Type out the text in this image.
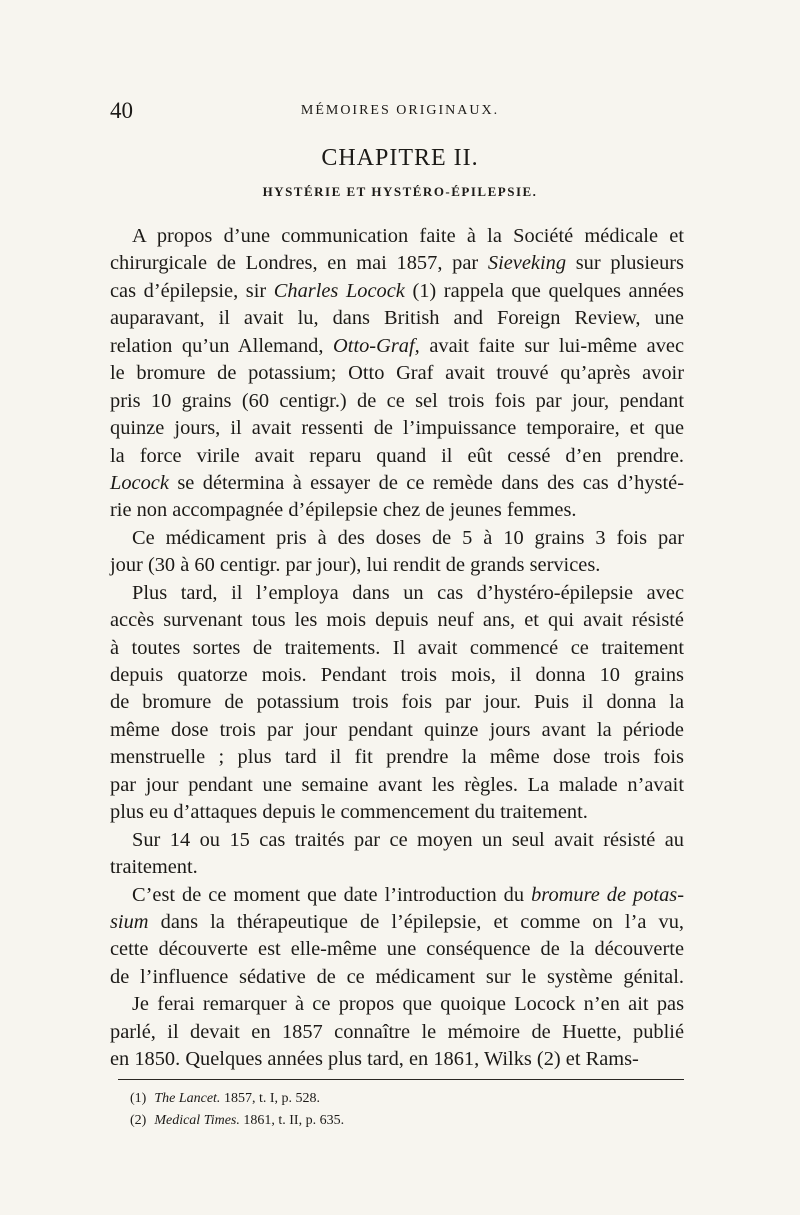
40	MÉMOIRES ORIGINAUX.
CHAPITRE II.
HYSTÉRIE ET HYSTÉRO-ÉPILEPSIE.
A propos d’une communication faite à la Société médicale et
chirurgicale de Londres, en mai 1857, par Sieveking sur plusieurs
cas d’épilepsie, sir Charles Locock (1) rappela que quelques années
auparavant, il avait lu, dans British and Foreign Review, une
relation qu’un Allemand, Otto-Graf, avait faite sur lui-même avec
le bromure de potassium; Otto Graf avait trouvé qu’après avoir
pris 10 grains (60 centigr.) de ce sel trois fois par jour, pendant
quinze jours, il avait ressenti de l’impuissance temporaire, et que
la force virile avait reparu quand il eût cessé d’en prendre.
Locock se détermina à essayer de ce remède dans des cas d’hysté-
rie non accompagnée d’épilepsie chez de jeunes femmes.
Ce médicament pris à des doses de 5 à 10 grains 3 fois par
jour (30 à 60 centigr. par jour), lui rendit de grands services.
Plus tard, il l’employa dans un cas d’hystéro-épilepsie avec
accès survenant tous les mois depuis neuf ans, et qui avait résisté
à toutes sortes de traitements. Il avait commencé ce traitement
depuis quatorze mois. Pendant trois mois, il donna 10 grains
de bromure de potassium trois fois par jour. Puis il donna la
même dose trois par jour pendant quinze jours avant la période
menstruelle ; plus tard il fit prendre la même dose trois fois
par jour pendant une semaine avant les règles. La malade n’avait
plus eu d’attaques depuis le commencement du traitement.
Sur 14 ou 15 cas traités par ce moyen un seul avait résisté au
traitement.
C’est de ce moment que date l’introduction du bromure de potas-
sium dans la thérapeutique de l’épilepsie, et comme on l’a vu,
cette découverte est elle-même une conséquence de la découverte
de l’influence sédative de ce médicament sur le système génital.
Je ferai remarquer à ce propos que quoique Locock n’en ait pas
parlé, il devait en 1857 connaître le mémoire de Huette, publié
en 1850. Quelques années plus tard, en 1861, Wilks (2) et Rams-
(1) The Lancet. 1857, t. I, p. 528.
(2) Medical Times. 1861, t. II, p. 635.
